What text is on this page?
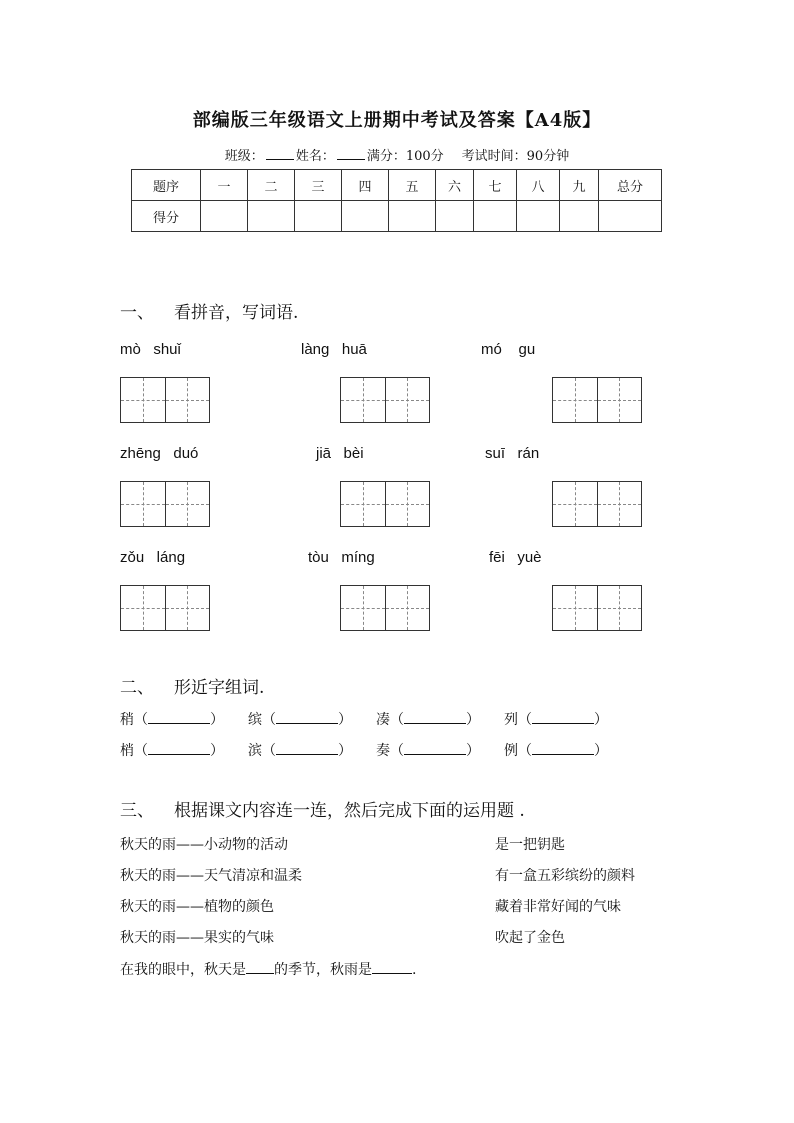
部编版三年级语文上册期中考试及答案【A4版】
班级： 姓名： 满分：100分 考试时间：90分钟
题序	一	二	三	四	五	六	七	八	九	总分
得分										
一、 看拼音，写词语.
mò   shuǐ	làng   huā	mó    gu
zhēng   duó	jiā   bèi	suī   rán
zǒu   láng	tòu   míng	fēi   yuè
二、 形近字组词.
稍（	） 缤（	） 凑（	） 列（	）
梢（	） 滨（	） 奏（	） 例（	）
三、 根据课文内容连一连，然后完成下面的运用题 .
秋天的雨——小动物的活动	是一把钥匙
秋天的雨——天气清凉和温柔	有一盒五彩缤纷的颜料
秋天的雨——植物的颜色	藏着非常好闻的气味
秋天的雨——果实的气味	吹起了金色
在我的眼中，秋天是 的季节，秋雨是	.
